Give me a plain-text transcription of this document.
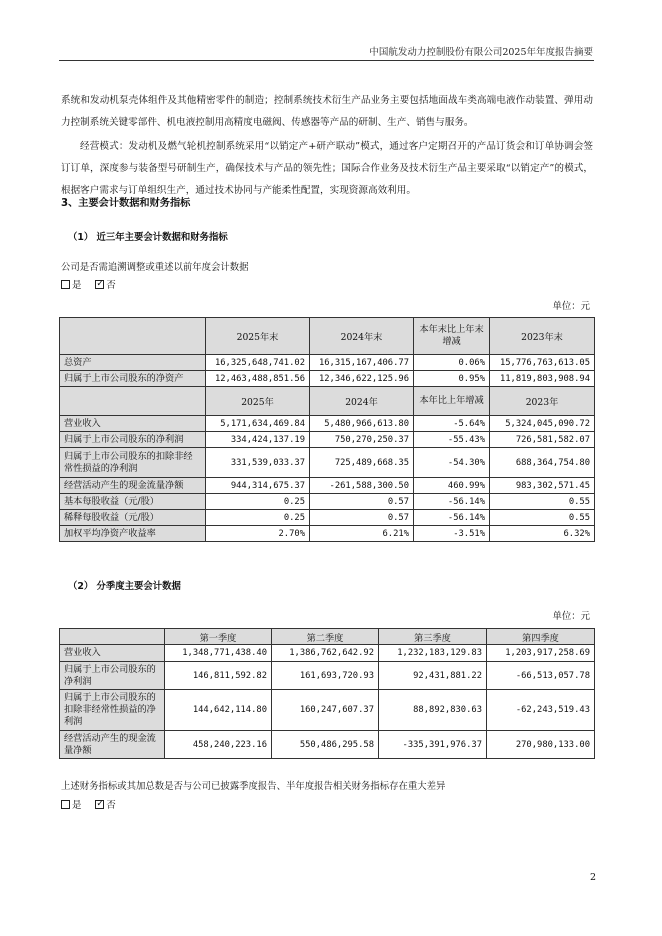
中国航发动力控制股份有限公司2025年年度报告摘要
系统和发动机泵壳体组件及其他精密零件的制造；控制系统技术衍生产品业务主要包括地面战车类高端电液作动装置、弹用动力控制系统关键零部件、机电液控制用高精度电磁阀、传感器等产品的研制、生产、销售与服务。
经营模式：发动机及燃气轮机控制系统采用“以销定产+研产联动”模式，通过客户定期召开的产品订货会和订单协调会签订订单，深度参与装备型号研制生产，确保技术与产品的领先性；国际合作业务及技术衍生产品主要采取“以销定产”的模式，根据客户需求与订单组织生产，通过技术协同与产能柔性配置，实现资源高效利用。
3、主要会计数据和财务指标
（1） 近三年主要会计数据和财务指标
公司是否需追溯调整或重述以前年度会计数据
是 ✓	否
单位：元
	2025年末	2024年末	本年末比上年末增减	2023年末
总资产	16,325,648,741.02	16,315,167,406.77	0.06%	15,776,763,613.05
归属于上市公司股东的净资产	12,463,488,851.56	12,346,622,125.96	0.95%	11,819,803,908.94
	2025年	2024年	本年比上年增减	2023年
营业收入	5,171,634,469.84	5,480,966,613.80	-5.64%	5,324,045,090.72
归属于上市公司股东的净利润	334,424,137.19	750,270,250.37	-55.43%	726,581,582.07
归属于上市公司股东的扣除非经常性损益的净利润	331,539,033.37	725,489,668.35	-54.30%	688,364,754.80
经营活动产生的现金流量净额	944,314,675.37	-261,588,300.50	460.99%	983,302,571.45
基本每股收益（元/股）	0.25	0.57	-56.14%	0.55
稀释每股收益（元/股）	0.25	0.57	-56.14%	0.55
加权平均净资产收益率	2.70%	6.21%	-3.51%	6.32%
（2） 分季度主要会计数据
单位：元
	第一季度	第二季度	第三季度	第四季度
营业收入	1,348,771,438.40	1,386,762,642.92	1,232,183,129.83	1,203,917,258.69
归属于上市公司股东的净利润	146,811,592.82	161,693,720.93	92,431,881.22	-66,513,057.78
归属于上市公司股东的扣除非经常性损益的净利润	144,642,114.80	160,247,607.37	88,892,830.63	-62,243,519.43
经营活动产生的现金流量净额	458,240,223.16	550,486,295.58	-335,391,976.37	270,980,133.00
上述财务指标或其加总数是否与公司已披露季度报告、半年度报告相关财务指标存在重大差异
是 ✓	否
2
